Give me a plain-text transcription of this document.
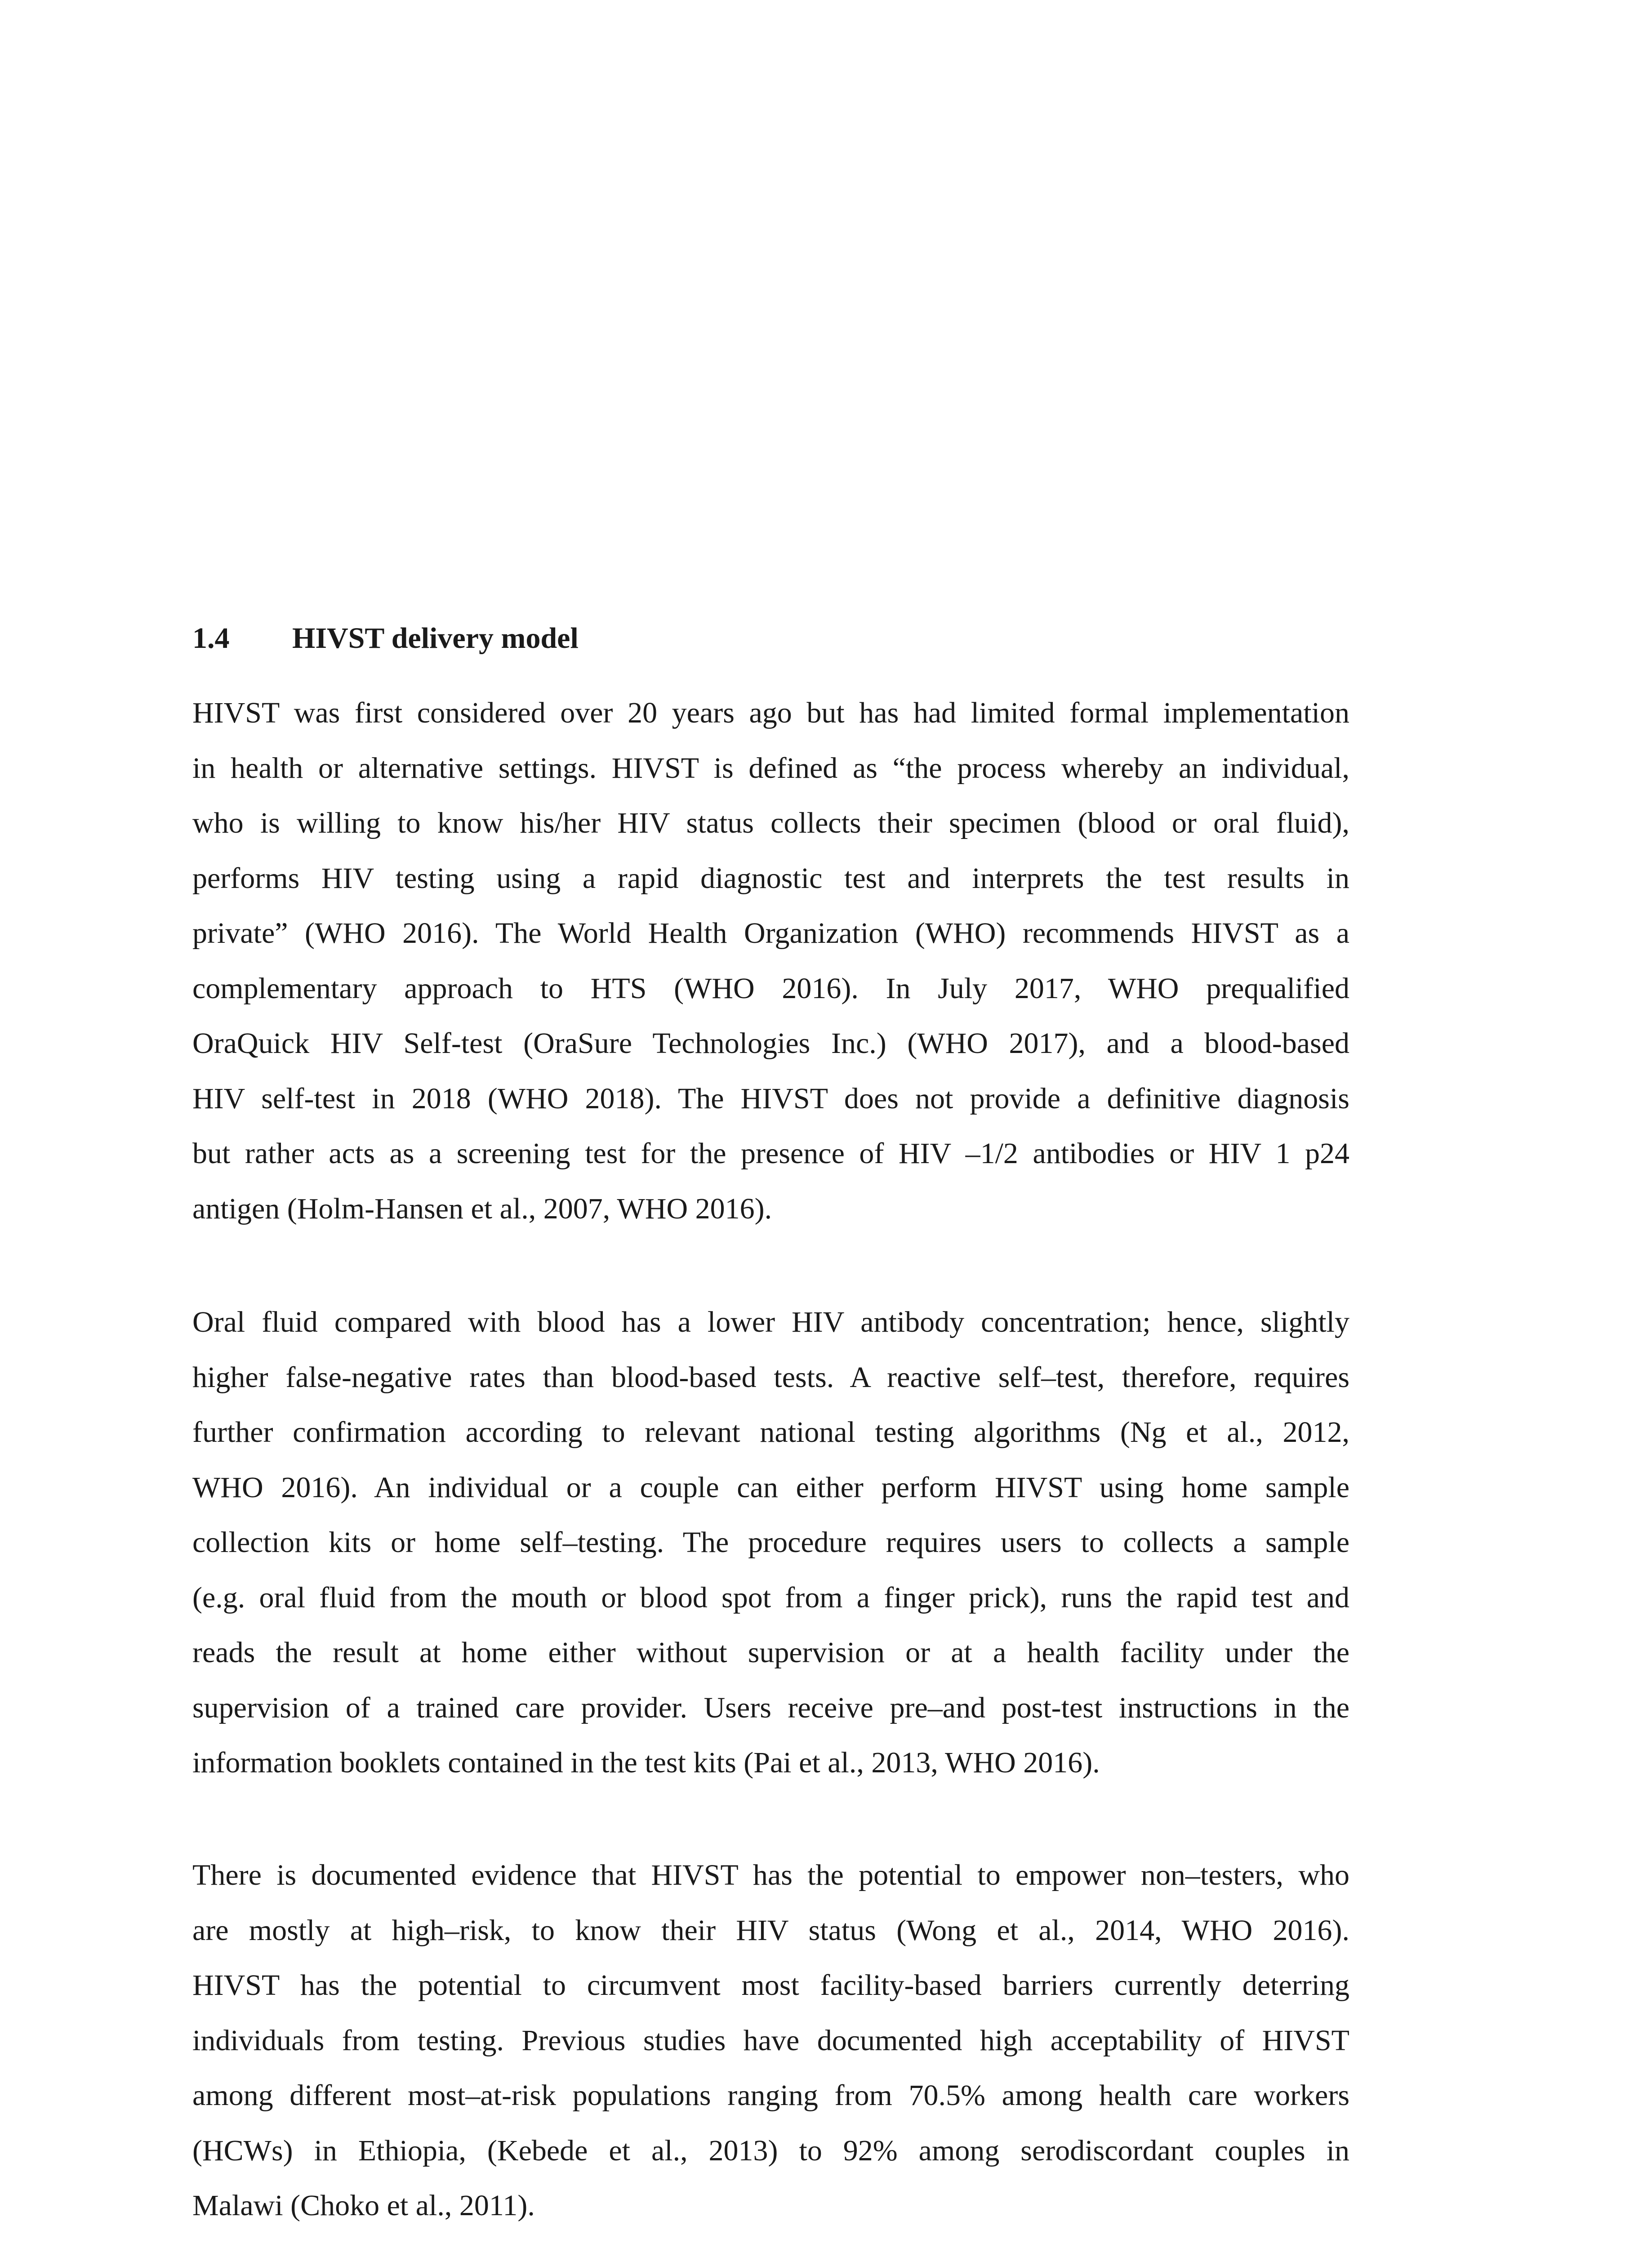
1.4 HIVST delivery model
HIVST was first considered over 20 years ago but has had limited formal implementation
in health or alternative settings. HIVST is defined as “the process whereby an individual,
who is willing to know his/her HIV status collects their specimen (blood or oral fluid),
performs HIV testing using a rapid diagnostic test and interprets the test results in
private” (WHO 2016). The World Health Organization (WHO) recommends HIVST as a
complementary approach to HTS (WHO 2016). In July 2017, WHO prequalified
OraQuick HIV Self-test (OraSure Technologies Inc.) (WHO 2017), and a blood-based
HIV self-test in 2018 (WHO 2018). The HIVST does not provide a definitive diagnosis
but rather acts as a screening test for the presence of HIV –1/2 antibodies or HIV 1 p24
antigen (Holm-Hansen et al., 2007, WHO 2016).
Oral fluid compared with blood has a lower HIV antibody concentration; hence, slightly
higher false-negative rates than blood-based tests. A reactive self–test, therefore, requires
further confirmation according to relevant national testing algorithms (Ng et al., 2012,
WHO 2016). An individual or a couple can either perform HIVST using home sample
collection kits or home self–testing. The procedure requires users to collects a sample
(e.g. oral fluid from the mouth or blood spot from a finger prick), runs the rapid test and
reads the result at home either without supervision or at a health facility under the
supervision of a trained care provider. Users receive pre–and post-test instructions in the
information booklets contained in the test kits (Pai et al., 2013, WHO 2016).
There is documented evidence that HIVST has the potential to empower non–testers, who
are mostly at high–risk, to know their HIV status (Wong et al., 2014, WHO 2016).
HIVST has the potential to circumvent most facility-based barriers currently deterring
individuals from testing. Previous studies have documented high acceptability of HIVST
among different most–at-risk populations ranging from 70.5% among health care workers
(HCWs) in Ethiopia, (Kebede et al., 2013) to 92% among serodiscordant couples in
Malawi (Choko et al., 2011).
